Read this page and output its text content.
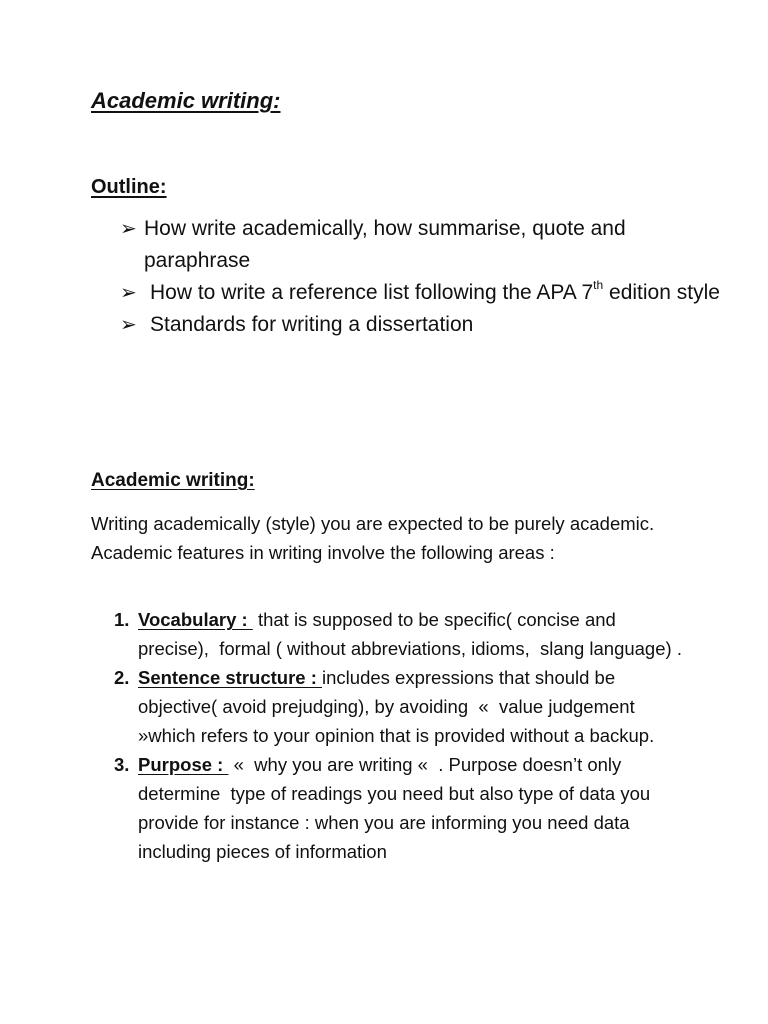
Academic writing:
Outline:
➢ How write academically, how summarise, quote and paraphrase
➢ How to write a reference list following the APA 7th edition style
➢ Standards for writing a dissertation
Academic writing:

Writing academically (style) you are expected to be purely academic. Academic features in writing involve the following areas :

1. Vocabulary :  that is supposed to be specific( concise and precise),  formal ( without abbreviations, idioms,  slang language) .
2. Sentence structure : includes expressions that should be objective( avoid prejudging), by avoiding  «  value judgement »which refers to your opinion that is provided without a backup.
3. Purpose :  «  why you are writing «  . Purpose doesn’t only determine  type of readings you need but also type of data you provide for instance : when you are informing you need data including pieces of information
